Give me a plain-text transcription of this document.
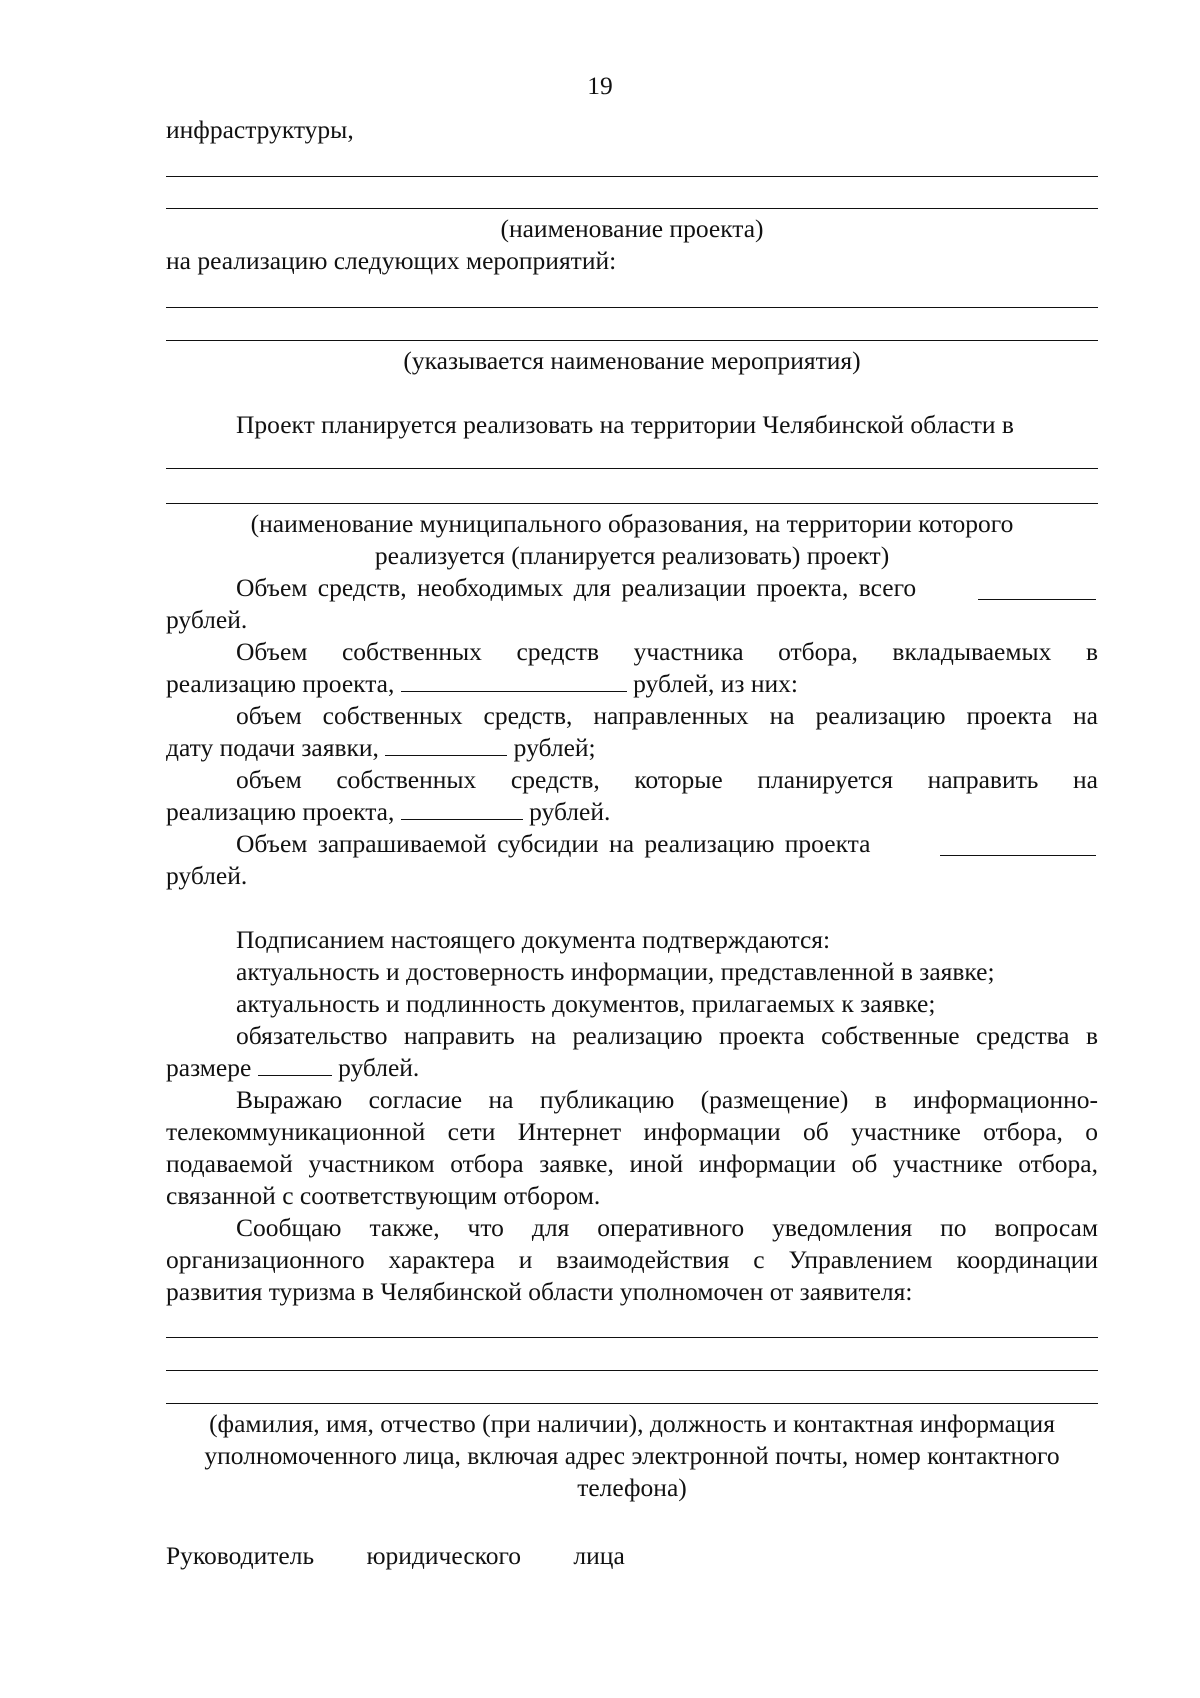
19
инфраструктуры,
(наименование проекта)
на реализацию следующих мероприятий:
(указывается наименование мероприятия)
Проект планируется реализовать на территории Челябинской области в
(наименование муниципального образования, на территории которого
реализуется (планируется реализовать) проект)
Объем средств, необходимых для реализации проекта, всего
рублей.
Объем собственных средств участника отбора, вкладываемых в
реализацию проекта,	рублей, из них:
объем собственных средств, направленных на реализацию проекта на
дату подачи заявки,	рублей;
объем собственных средств, которые планируется направить на
реализацию проекта,	рублей.
Объем запрашиваемой субсидии на реализацию проекта
рублей.
Подписанием настоящего документа подтверждаются:
актуальность и достоверность информации, представленной в заявке;
актуальность и подлинность документов, прилагаемых к заявке;
обязательство направить на реализацию проекта собственные средства в
размере	рублей.
Выражаю согласие на публикацию (размещение) в информационно-
телекоммуникационной сети Интернет информации об участнике отбора, о
подаваемой участником отбора заявке, иной информации об участнике отбора,
связанной с соответствующим отбором.
Сообщаю также, что для оперативного уведомления по вопросам
организационного характера и взаимодействия с Управлением координации
развития туризма в Челябинской области уполномочен от заявителя:
(фамилия, имя, отчество (при наличии), должность и контактная информация
уполномоченного лица, включая адрес электронной почты, номер контактного
телефона)
Руководитель юридического лица
